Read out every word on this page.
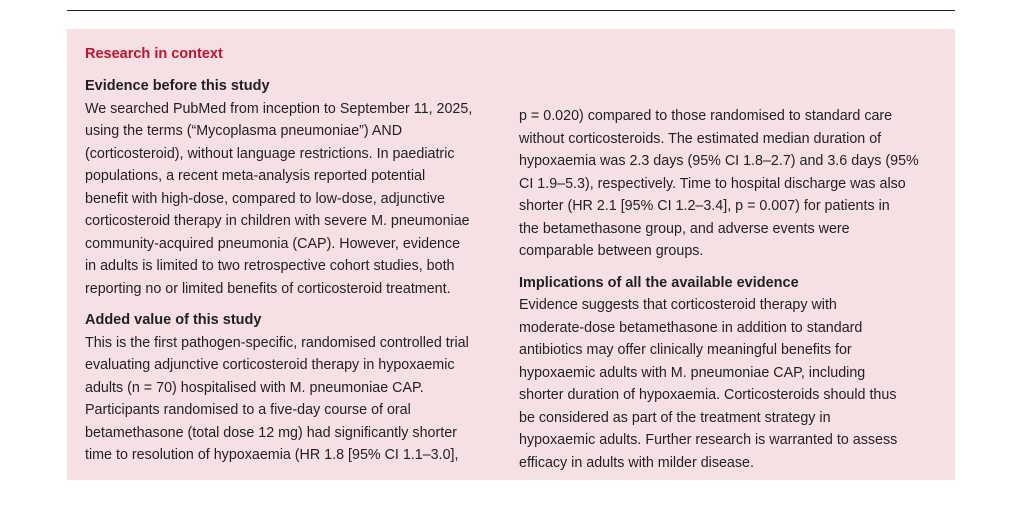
Research in context
Evidence before this study

We searched PubMed from inception to September 11, 2025,
using the terms (“Mycoplasma pneumoniae”) AND
(corticosteroid), without language restrictions. In paediatric
populations, a recent meta-analysis reported potential
benefit with high-dose, compared to low-dose, adjunctive
corticosteroid therapy in children with severe M. pneumoniae
community-acquired pneumonia (CAP). However, evidence
in adults is limited to two retrospective cohort studies, both
reporting no or limited benefits of corticosteroid treatment.

Added value of this study

This is the first pathogen-specific, randomised controlled trial
evaluating adjunctive corticosteroid therapy in hypoxaemic
adults (n = 70) hospitalised with M. pneumoniae CAP.
Participants randomised to a five-day course of oral
betamethasone (total dose 12 mg) had significantly shorter
time to resolution of hypoxaemia (HR 1.8 [95% CI 1.1–3.0],

p = 0.020) compared to those randomised to standard care
without corticosteroids. The estimated median duration of
hypoxaemia was 2.3 days (95% CI 1.8–2.7) and 3.6 days (95%
CI 1.9–5.3), respectively. Time to hospital discharge was also
shorter (HR 2.1 [95% CI 1.2–3.4], p = 0.007) for patients in
the betamethasone group, and adverse events were
comparable between groups.

Implications of all the available evidence

Evidence suggests that corticosteroid therapy with
moderate-dose betamethasone in addition to standard
antibiotics may offer clinically meaningful benefits for
hypoxaemic adults with M. pneumoniae CAP, including
shorter duration of hypoxaemia. Corticosteroids should thus
be considered as part of the treatment strategy in
hypoxaemic adults. Further research is warranted to assess
efficacy in adults with milder disease.
